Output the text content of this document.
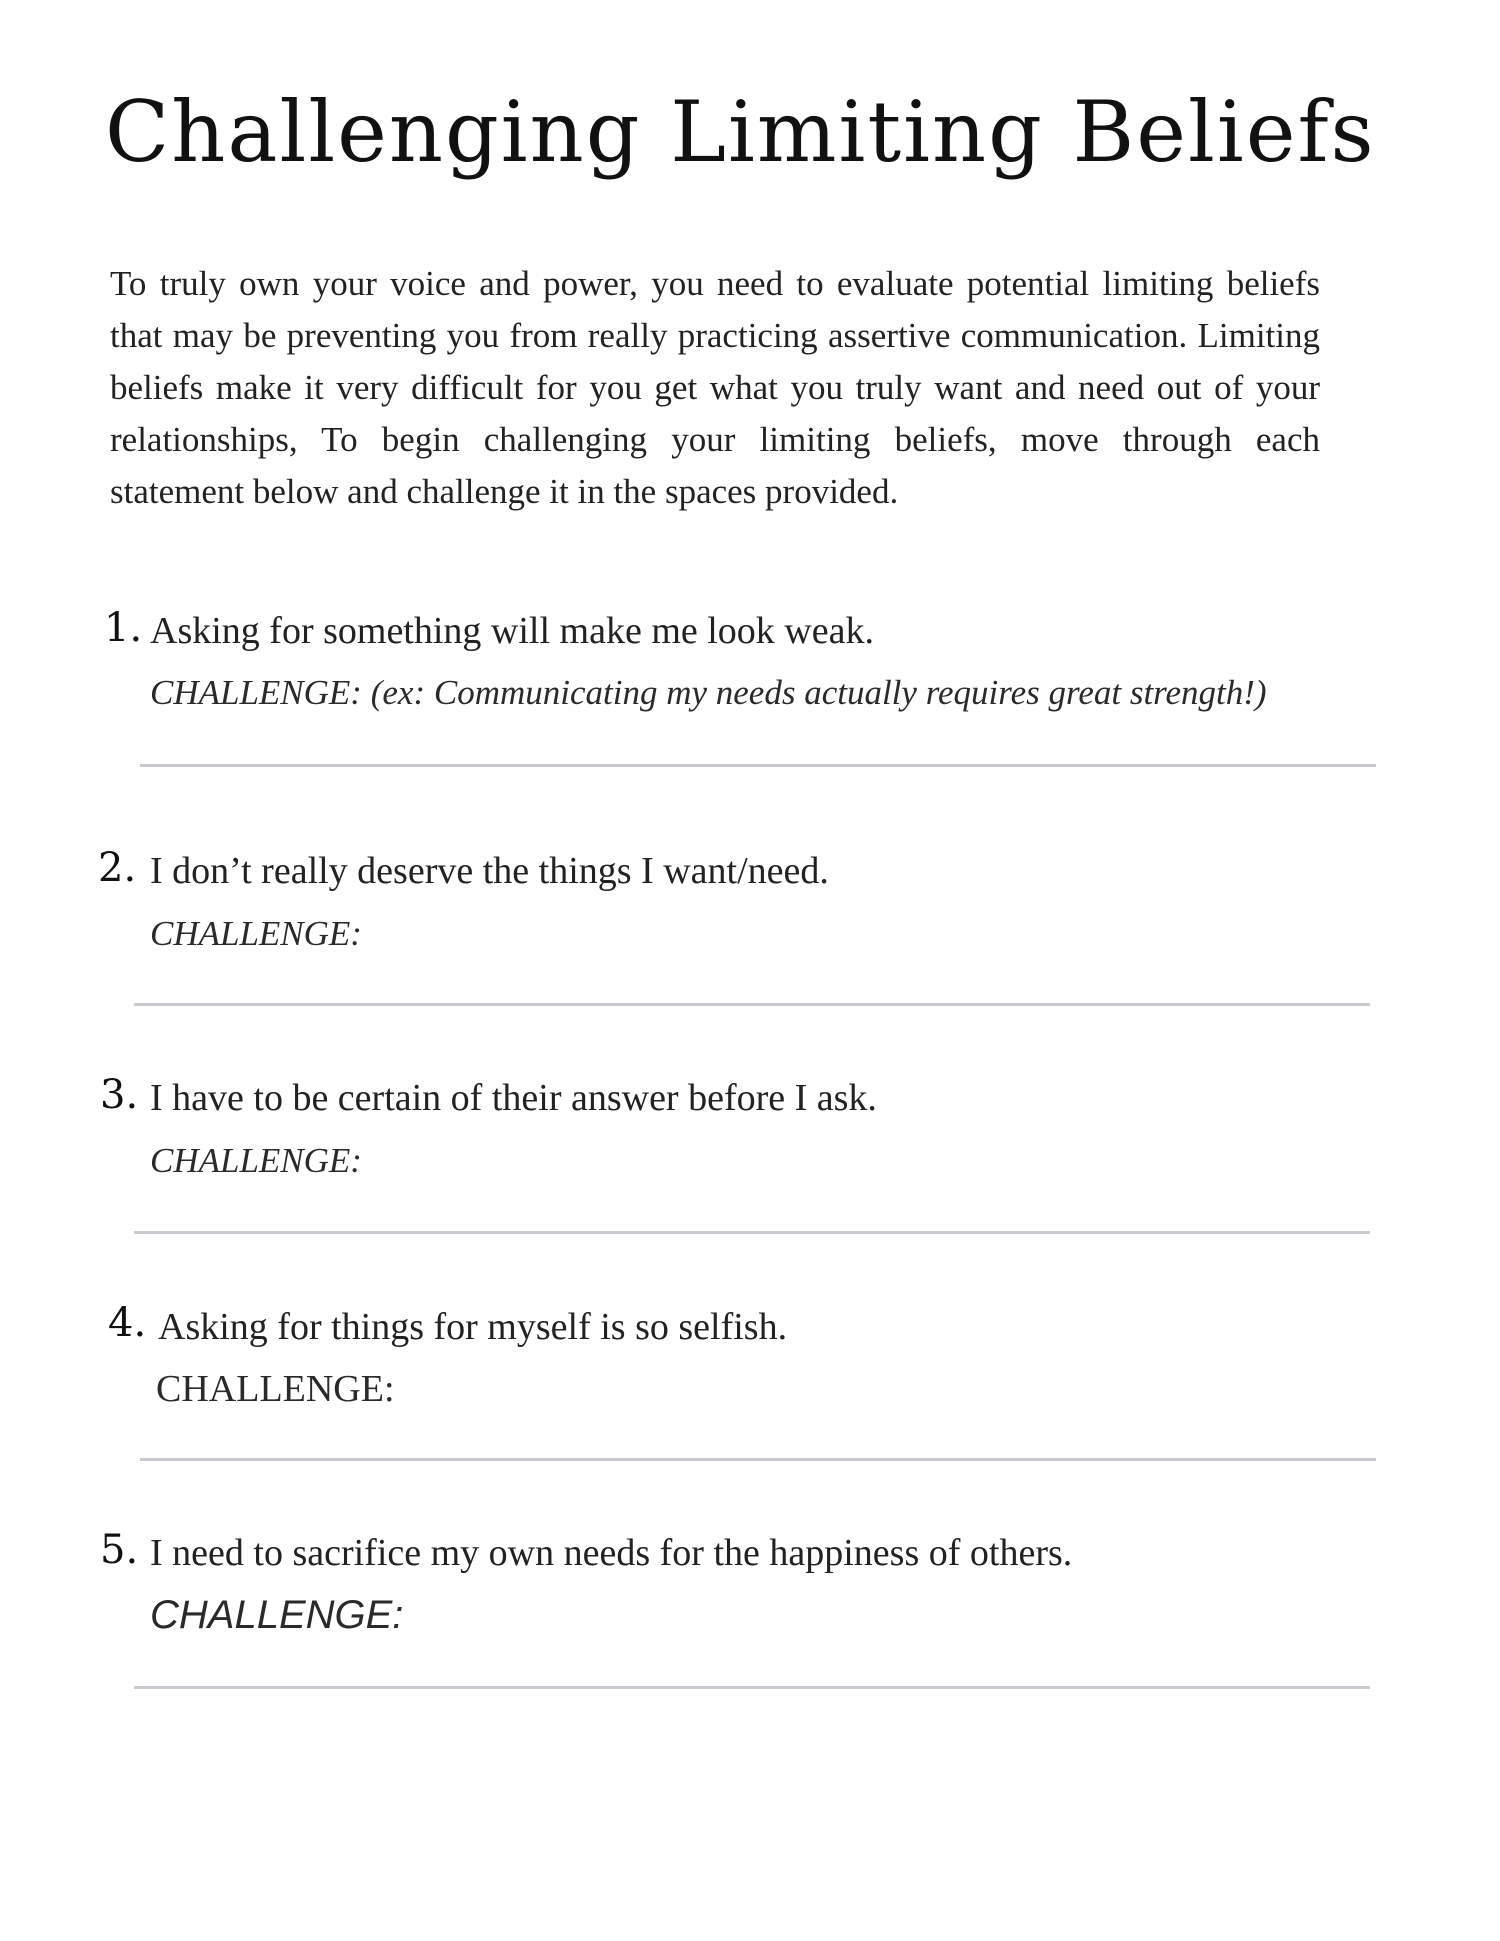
Challenging Limiting Beliefs

To truly own your voice and power, you need to evaluate potential limiting beliefs that may be preventing you from really practicing assertive communication. Limiting beliefs make it very difficult for you get what you truly want and need out of your relationships, To begin challenging your limiting beliefs, move through each statement below and challenge it in the spaces provided.

1. Asking for something will make me look weak.
CHALLENGE: (ex: Communicating my needs actually requires great strength!)
2. I don’t really deserve the things I want/need.
CHALLENGE:
3. I have to be certain of their answer before I ask.
CHALLENGE:
4. Asking for things for myself is so selfish.
CHALLENGE:
5. I need to sacrifice my own needs for the happiness of others.
CHALLENGE:
